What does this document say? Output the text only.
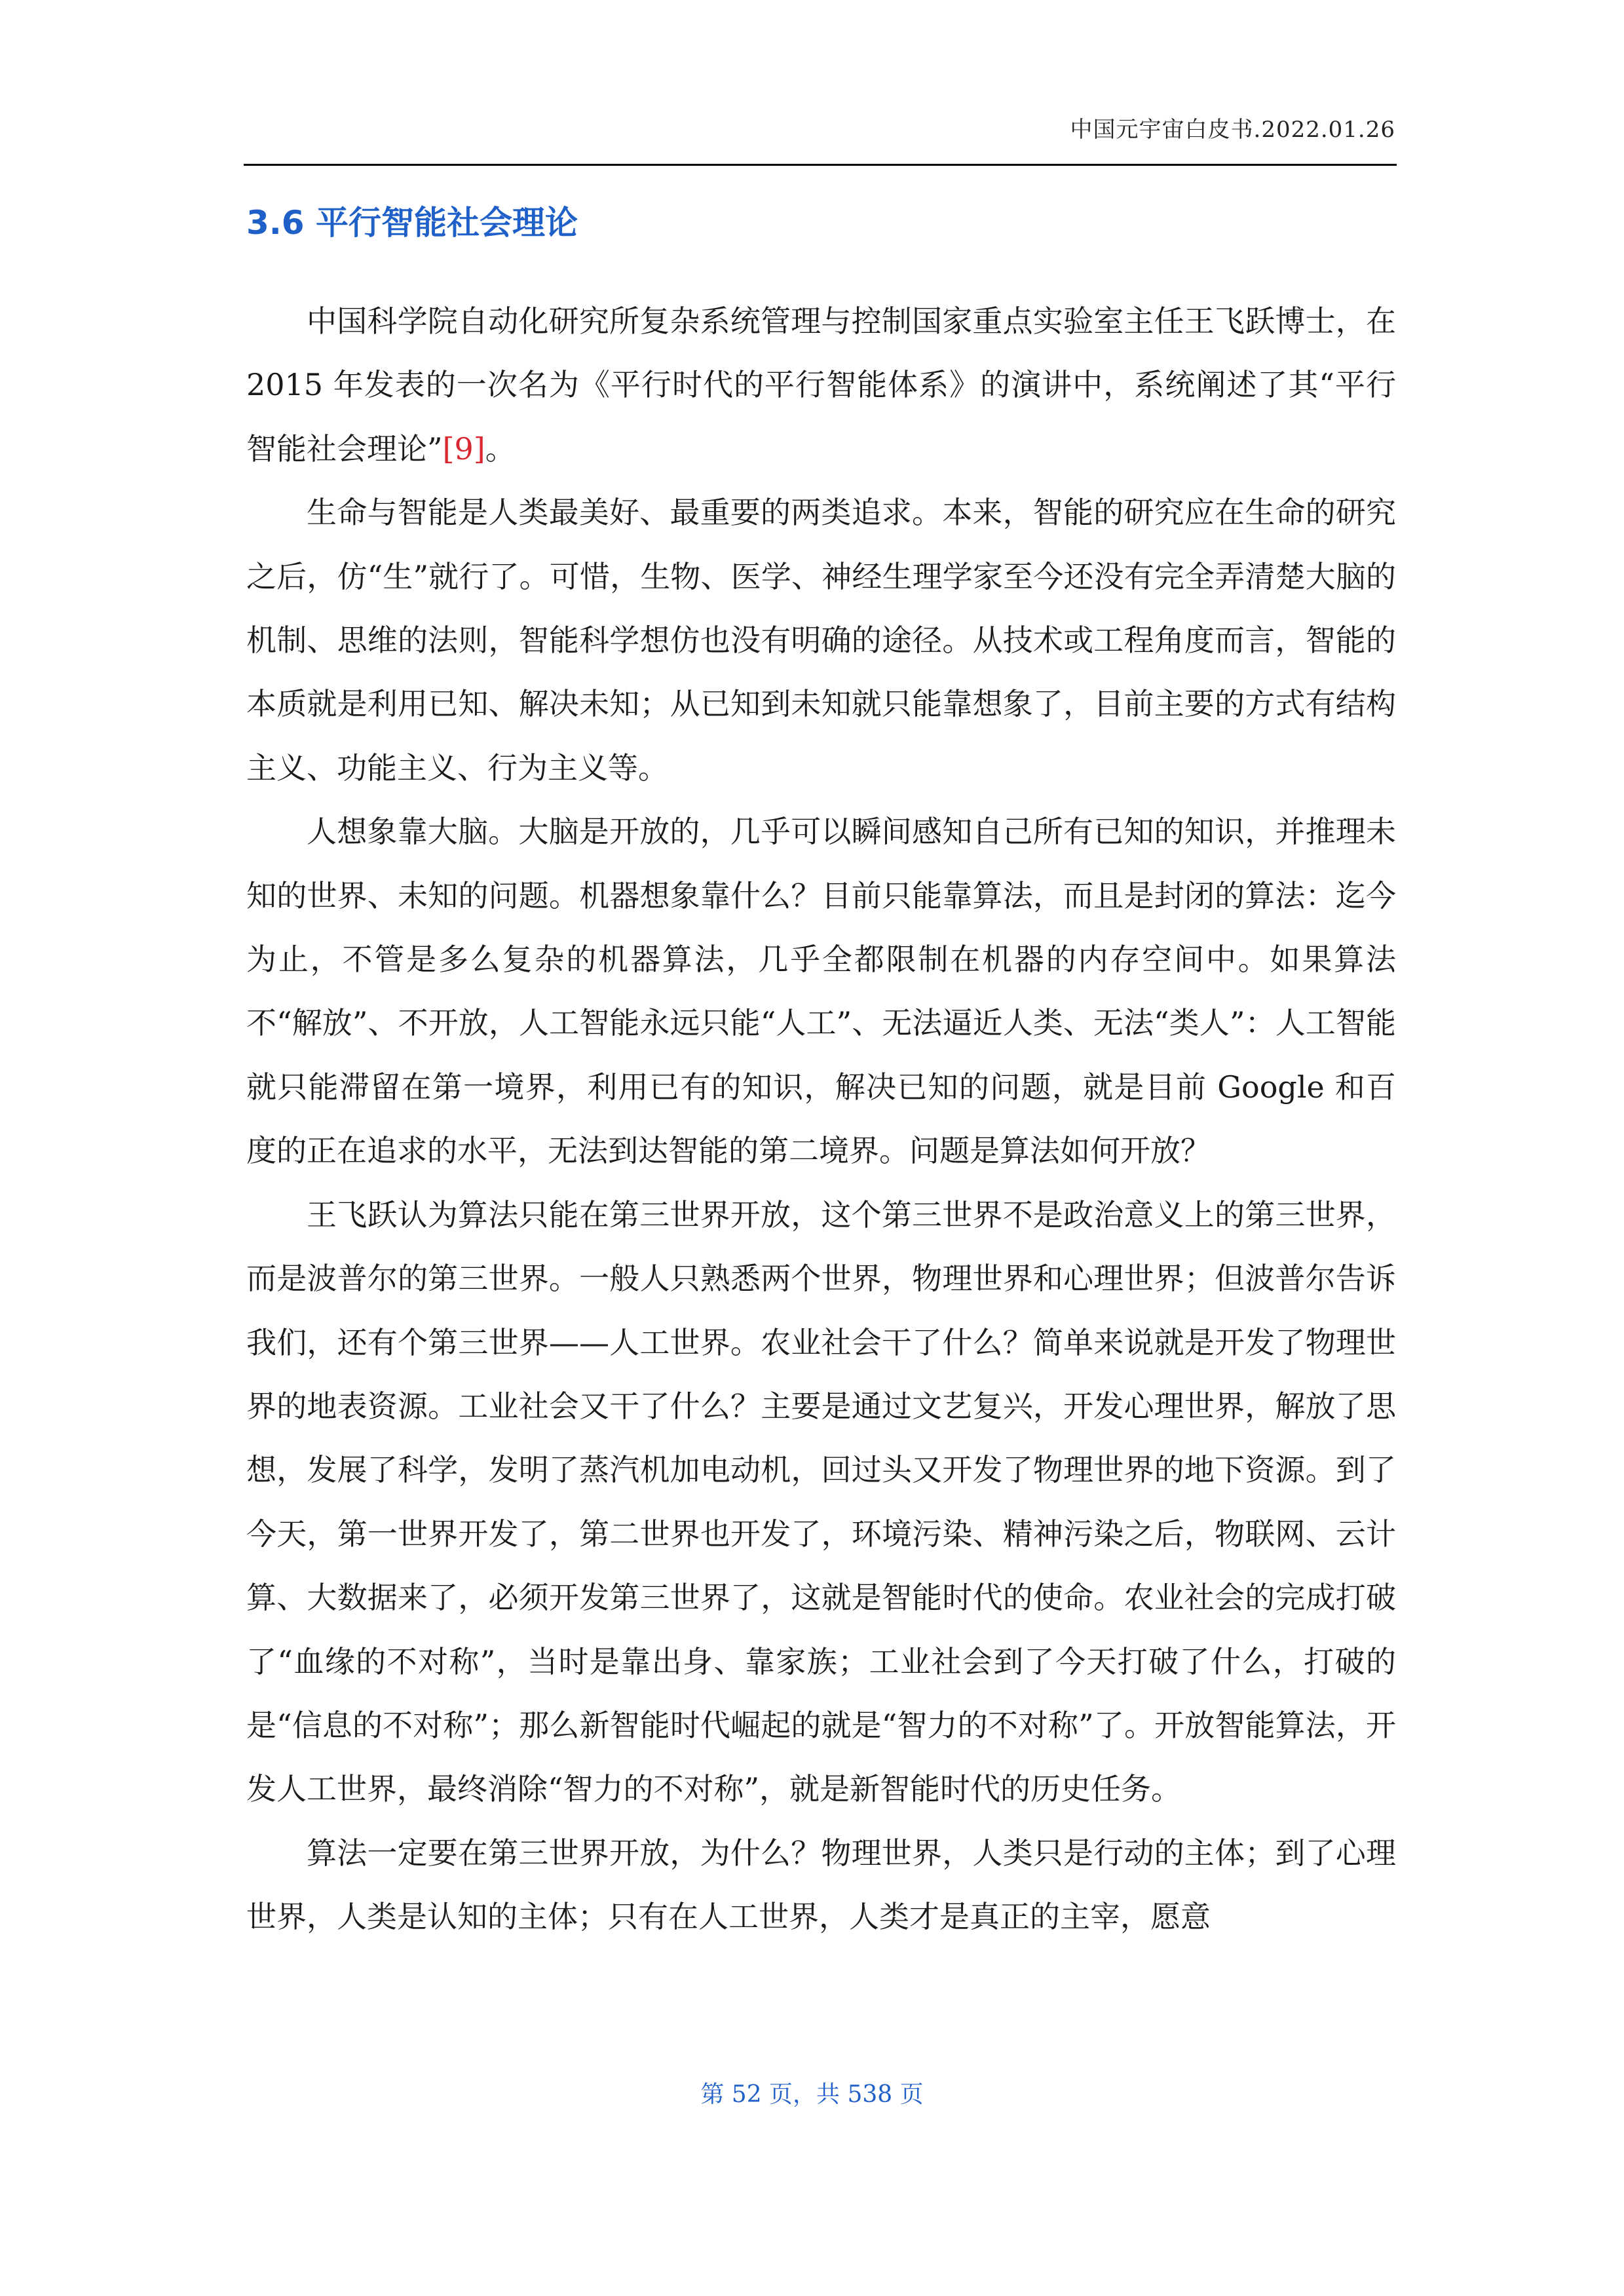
中国元宇宙白皮书.2022.01.26
3.6 平行智能社会理论

中国科学院自动化研究所复杂系统管理与控制国家重点实验室主任王飞跃博士，在 2015 年发表的一次名为《平行时代的平行智能体系》的演讲中，系统阐述了其“平行智能社会理论”[9]。

生命与智能是人类最美好、最重要的两类追求。本来，智能的研究应在生命的研究之后，仿“生”就行了。可惜，生物、医学、神经生理学家至今还没有完全弄清楚大脑的机制、思维的法则，智能科学想仿也没有明确的途径。从技术或工程角度而言，智能的本质就是利用已知、解决未知；从已知到未知就只能靠想象了，目前主要的方式有结构主义、功能主义、行为主义等。

人想象靠大脑。大脑是开放的，几乎可以瞬间感知自己所有已知的知识，并推理未知的世界、未知的问题。机器想象靠什么？目前只能靠算法，而且是封闭的算法：迄今为止，不管是多么复杂的机器算法，几乎全都限制在机器的内存空间中。如果算法不“解放”、不开放，人工智能永远只能“人工”、无法逼近人类、无法“类人”：人工智能就只能滞留在第一境界，利用已有的知识，解决已知的问题，就是目前 Google 和百度的正在追求的水平，无法到达智能的第二境界。问题是算法如何开放？

王飞跃认为算法只能在第三世界开放，这个第三世界不是政治意义上的第三世界，而是波普尔的第三世界。一般人只熟悉两个世界，物理世界和心理世界；但波普尔告诉我们，还有个第三世界——人工世界。农业社会干了什么？简单来说就是开发了物理世界的地表资源。工业社会又干了什么？主要是通过文艺复兴，开发心理世界，解放了思想，发展了科学，发明了蒸汽机加电动机，回过头又开发了物理世界的地下资源。到了今天，第一世界开发了，第二世界也开发了，环境污染、精神污染之后，物联网、云计算、大数据来了，必须开发第三世界了，这就是智能时代的使命。农业社会的完成打破了“血缘的不对称”，当时是靠出身、靠家族；工业社会到了今天打破了什么，打破的是“信息的不对称”；那么新智能时代崛起的就是“智力的不对称”了。开放智能算法，开发人工世界，最终消除“智力的不对称”，就是新智能时代的历史任务。

算法一定要在第三世界开放，为什么？物理世界，人类只是行动的主体；到了心理世界，人类是认知的主体；只有在人工世界，人类才是真正的主宰，愿意

第 52 页，共 538 页
